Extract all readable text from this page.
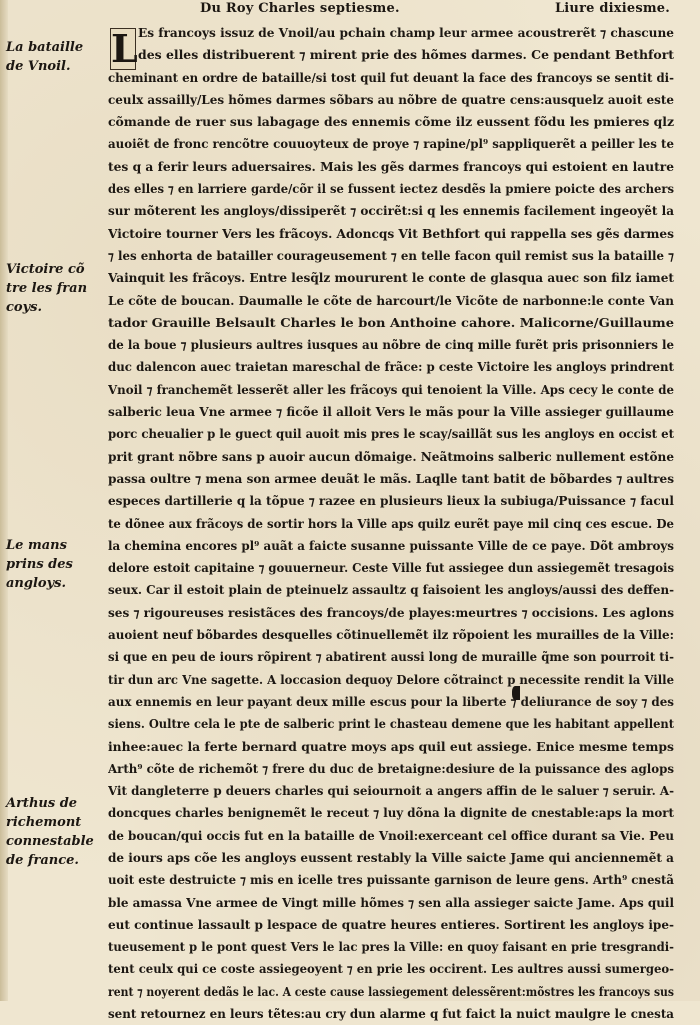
Du Roy Charles septiesme.	Liure dixiesme.
La bataille
de Vnoil.
Victoire cõ
tre les fran
coys.
Le mans
prins des
angloys.
Arthus de
richemont
connestable
de france.
L Es francoys issuz de Vnoil/au pchain champ leur armee acoustrerẽt ⁊ chascune
des elles distribuerent ⁊ mirent prie des hõmes darmes. Ce pendant Bethfort
cheminant en ordre de bataille/si tost quil fut deuant la face des francoys se sentit di-
ceulx assailly/Les hõmes darmes sõbars au nõbre de quatre cens:ausquelz auoit este
cõmande de ruer sus labagage des ennemis cõme ilz eussent fõdu les pmieres qlz
auoiẽt de fronc rencõtre couuoyteux de proye ⁊ rapine/pl⁹ sappliquerẽt a peiller les te
tes q a ferir leurs aduersaires. Mais les gẽs darmes francoys qui estoient en lautre
des elles ⁊ en larriere garde/cõr il se fussent iectez desdẽs la pmiere poicte des archers
sur mõterent les angloys/dissiperẽt ⁊ occirẽt:si q les ennemis facilement ingeoyẽt la
Victoire tourner Vers les frãcoys. Adoncqs Vit Bethfort qui rappella ses gẽs darmes
⁊ les enhorta de batailler courageusement ⁊ en telle facon quil remist sus la bataille ⁊
Vainquit les frãcoys. Entre lesq̃lz moururent le conte de glasqua auec son filz iamet
Le cõte de boucan. Daumalle le cõte de harcourt/le Vicõte de narbonne:le conte Van
tador Grauille Belsault Charles le bon Anthoine cahore. Malicorne/Guillaume
de la boue ⁊ plusieurs aultres iusques au nõbre de cinq mille furẽt pris prisonniers le
duc dalencon auec traietan mareschal de frãce: p ceste Victoire les angloys prindrent
Vnoil ⁊ franchemẽt lesserẽt aller les frãcoys qui tenoient la Ville. Aps cecy le conte de
salberic leua Vne armee ⁊ ficõe il alloit Vers le mãs pour la Ville assieger guillaume
porc cheualier p le guect quil auoit mis pres le scay/saillãt sus les angloys en occist et
prit grant nõbre sans p auoir aucun dõmaige. Neãtmoins salberic nullement estõne
passa oultre ⁊ mena son armee deuãt le mãs. Laqlle tant batit de bõbardes ⁊ aultres
especes dartillerie q la tõpue ⁊ razee en plusieurs lieux la subiuga/Puissance ⁊ facul
te dõnee aux frãcoys de sortir hors la Ville aps quilz eurẽt paye mil cinq ces escue. De
la chemina encores pl⁹ auãt a faicte susanne puissante Ville de ce paye. Dõt ambroys
delore estoit capitaine ⁊ gouuerneur. Ceste Ville fut assiegee dun assiegemẽt tresagois
seux. Car il estoit plain de pteinuelz assaultz q faisoient les angloys/aussi des deffen-
ses ⁊ rigoureuses resistãces des francoys/de playes:meurtres ⁊ occisions. Les aglons
auoient neuf bõbardes desquelles cõtinuellemẽt ilz rõpoient les murailles de la Ville:
si que en peu de iours rõpirent ⁊ abatirent aussi long de muraille q̃me son pourroit ti-
tir dun arc Vne sagette. A loccasion dequoy Delore cõtrainct p necessite rendit la Ville
aux ennemis en leur payant deux mille escus pour la liberte ⁊ deliurance de soy ⁊ des
siens. Oultre cela le pte de salberic print le chasteau demene que les habitant appellent
inhee:auec la ferte bernard quatre moys aps quil eut assiege. Enice mesme temps
Arth⁹ cõte de richemõt ⁊ frere du duc de bretaigne:desiure de la puissance des aglops
Vit dangleterre p deuers charles qui seiournoit a angers affin de le saluer ⁊ seruir. A-
doncques charles benignemẽt le receut ⁊ luy dõna la dignite de cnestable:aps la mort
de boucan/qui occis fut en la bataille de Vnoil:exerceant cel office durant sa Vie. Peu
de iours aps cõe les angloys eussent restably la Ville saicte Jame qui anciennemẽt a
uoit este destruicte ⁊ mis en icelle tres puissante garnison de leure gens. Arth⁹ cnestã
ble amassa Vne armee de Vingt mille hõmes ⁊ sen alla assieger saicte Jame. Aps quil
eut continue lassault p lespace de quatre heures entieres. Sortirent les angloys ipe-
tueusement p le pont quest Vers le lac pres la Ville: en quoy faisant en prie tresgrandi-
tent ceulx qui ce coste assiegeoyent ⁊ en prie les occirent. Les aultres aussi sumergeo-
rent ⁊ noyerent dedãs le lac. A ceste cause lassiegement delessẽrent:mõstres les francoys sus
sent retournez en leurs tẽtes:au cry dun alarme q fut faict la nuict maulgre le cnesta
